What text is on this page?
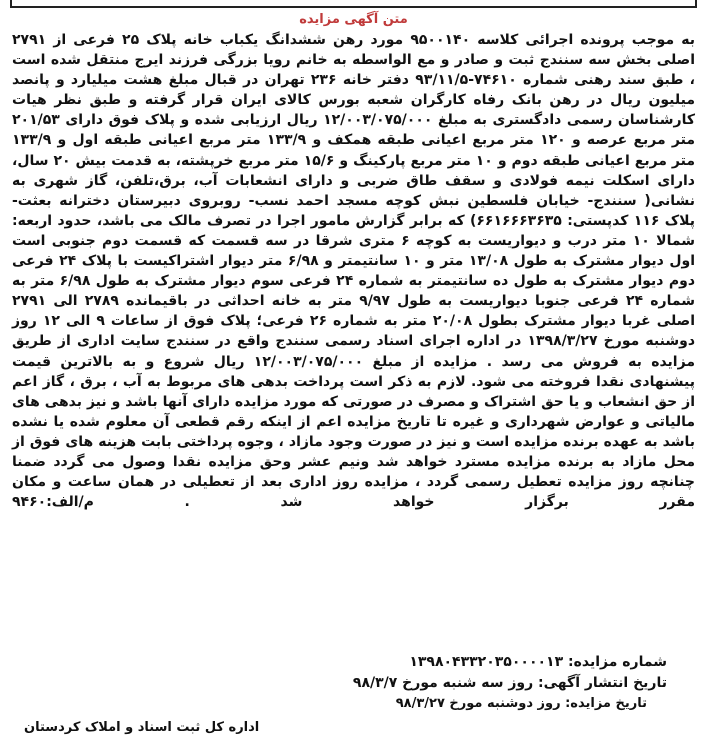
متن آگهی مزایده

به موجب پرونده اجرائی کلاسه ۹۵۰۰۱۴۰ مورد رهن ششدانگ یکباب خانه پلاک ۲۵ فرعی از ۲۷۹۱ اصلی بخش سه سنندج ثبت و صادر و مع الواسطه به خانم رویا بزرگی فرزند ایرج منتقل شده است ، طبق سند رهنی شماره ۷۴۶۱۰-۹۳/۱۱/۵ دفتر خانه ۲۳۶ تهران در قبال مبلغ هشت میلیارد و پانصد میلیون ریال در رهن بانک رفاه کارگران شعبه بورس کالای ایران قرار گرفته و طبق نظر هیات کارشناسان رسمی دادگستری به مبلغ ۱۲/۰۰۳/۰۷۵/۰۰۰ ریال ارزیابی شده و پلاک فوق دارای ۲۰۱/۵۳ متر مربع عرصه و ۱۲۰ متر مربع اعیانی طبقه همکف و ۱۳۳/۹ متر مربع اعیانی طبقه اول و ۱۳۳/۹ متر مربع اعیانی طبقه دوم و ۱۰ متر مربع پارکینگ و ۱۵/۶ متر مربع خرپشته، به قدمت بیش ۲۰ سال، دارای اسکلت نیمه فولادی و سقف طاق ضربی و دارای انشعابات آب، برق،تلفن، گاز شهری به نشانی( سنندج- خیابان فلسطین نبش کوچه مسجد احمد نسب- روبروی دبیرستان دخترانه بعثت- پلاک ۱۱۶ کدپستی: ۶۶۱۶۶۶۳۶۳۵) که برابر گزارش مامور اجرا در تصرف مالک می باشد، حدود اربعه: شمالا ۱۰ متر درب و دیواریست به کوچه ۶ متری شرقا در سه قسمت که قسمت دوم جنوبی است اول دیوار مشترک به طول ۱۳/۰۸ متر و ۱۰ سانتیمتر و ۶/۹۸ متر دیوار اشتراکیست با پلاک ۲۴ فرعی دوم دیوار مشترک به طول ده سانتیمتر به شماره ۲۴ فرعی سوم دیوار مشترک به طول ۶/۹۸ متر به شماره ۲۴ فرعی جنوبا دیواریست به طول ۹/۹۷ متر به خانه احداثی در باقیمانده ۲۷۸۹ الی ۲۷۹۱ اصلی غربا دیوار مشترک بطول ۲۰/۰۸ متر به شماره ۲۶ فرعی؛ پلاک فوق از ساعات ۹ الی ۱۲ روز دوشنبه مورخ ۱۳۹۸/۳/۲۷ در اداره اجرای اسناد رسمی سنندج واقع در سنندج سایت اداری از طریق مزایده به فروش می رسد . مزایده از مبلغ ۱۲/۰۰۳/۰۷۵/۰۰۰ ریال شروع و به بالاترین قیمت پیشنهادی نقدا فروخته می شود. لازم به ذکر است پرداخت بدهی های مربوط به آب ، برق ، گاز اعم از حق انشعاب و یا حق اشتراک و مصرف در صورتی که مورد مزایده دارای آنها باشد و نیز بدهی های مالیاتی و عوارض شهرداری و غیره تا تاریخ مزایده اعم از اینکه رقم قطعی آن معلوم شده یا نشده باشد به عهده برنده مزایده است و نیز در صورت وجود مازاد ، وجوه پرداختی بابت هزینه های فوق از محل مازاد به برنده مزایده مسترد خواهد شد ونیم عشر وحق مزایده نقدا وصول می گردد ضمنا چنانچه روز مزایده تعطیل رسمی گردد ، مزایده روز اداری بعد از تعطیلی در همان ساعت و مکان مقرر برگزار خواهد شد . م/الف:۹۴۶۰

شماره مزایده: ۱۳۹۸۰۴۳۳۲۰۳۵۰۰۰۰۱۳
تاریخ انتشار آگهی: روز سه شنبه مورخ ۹۸/۳/۷
تاریخ مزایده: روز دوشنبه مورخ ۹۸/۳/۲۷
اداره کل ثبت اسناد و املاک کردستان
